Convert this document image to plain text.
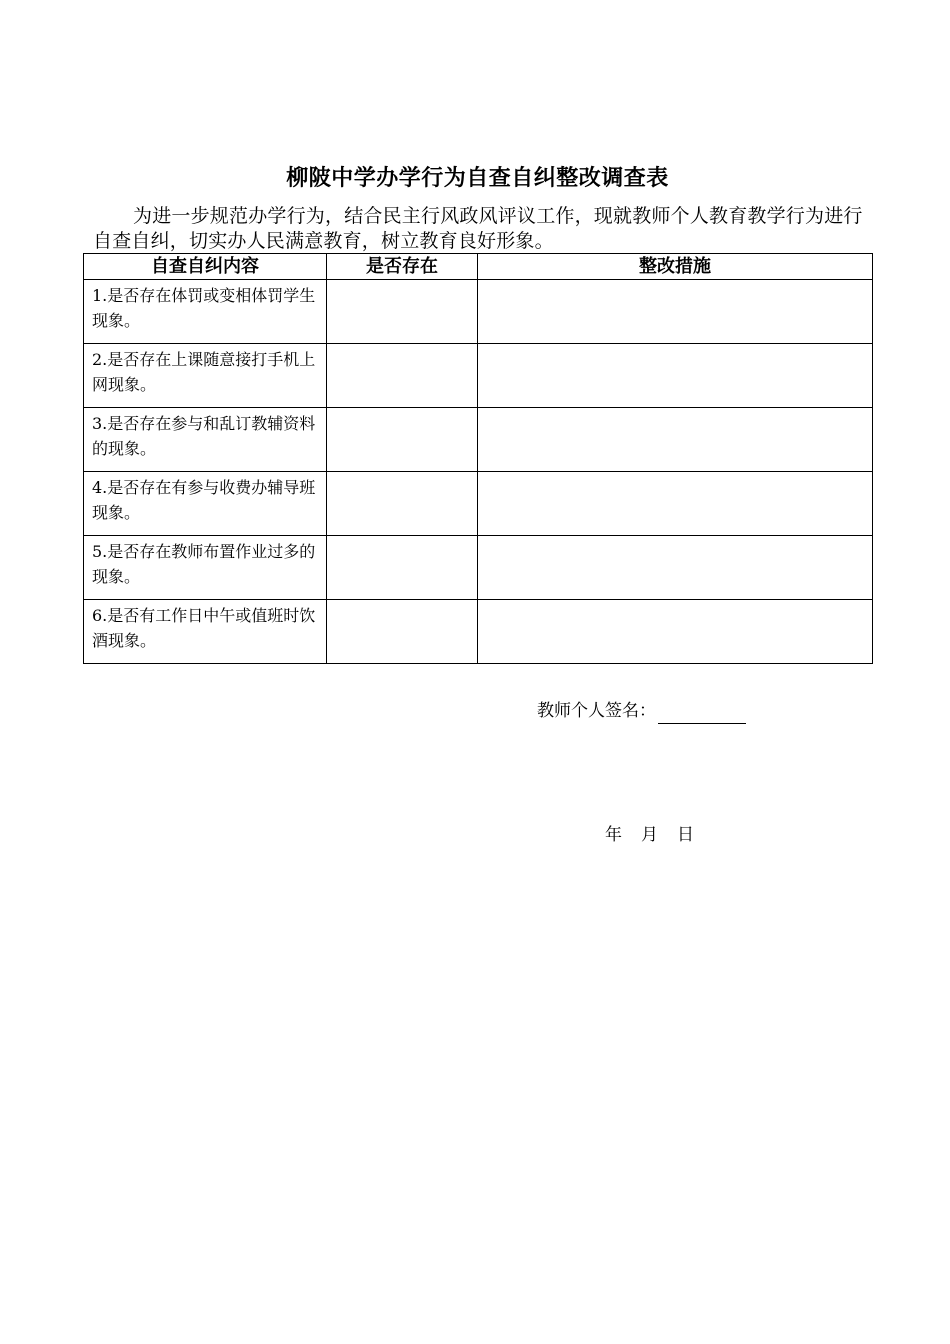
柳陂中学办学行为自查自纠整改调查表
为进一步规范办学行为，结合民主行风政风评议工作，现就教师个人教育教学行为进行自查自纠，切实办人民满意教育，树立教育良好形象。
自查自纠内容	是否存在	整改措施
1.是否存在体罚或变相体罚学生现象。		
2.是否存在上课随意接打手机上网现象。		
3.是否存在参与和乱订教辅资料的现象。		
4.是否存在有参与收费办辅导班现象。		
5.是否存在教师布置作业过多的现象。		
6.是否有工作日中午或值班时饮酒现象。		
教师个人签名：
年 月 日
